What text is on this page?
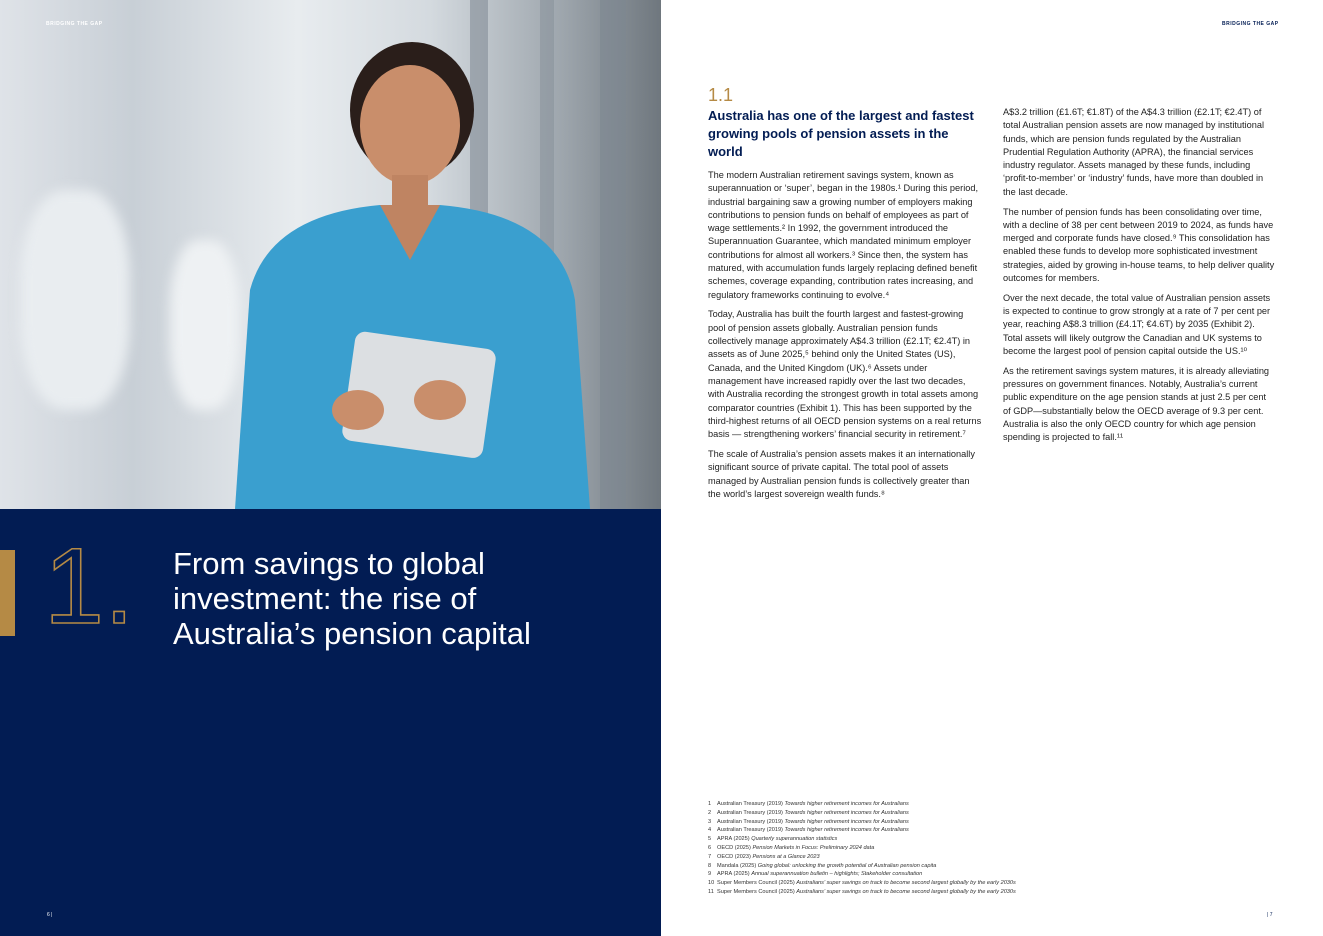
BRIDGING THE GAP
1. From savings to global investment: the rise of Australia’s pension capital
6 |
BRIDGING THE GAP
1.1
Australia has one of the largest and fastest growing pools of pension assets in the world

The modern Australian retirement savings system, known as superannuation or ‘super’, began in the 1980s.¹ During this period, industrial bargaining saw a growing number of employers making contributions to pension funds on behalf of employees as part of wage settlements.² In 1992, the government introduced the Superannuation Guarantee, which mandated minimum employer contributions for almost all workers.³ Since then, the system has matured, with accumulation funds largely replacing defined benefit schemes, coverage expanding, contribution rates increasing, and regulatory frameworks continuing to evolve.⁴

Today, Australia has built the fourth largest and fastest-growing pool of pension assets globally. Australian pension funds collectively manage approximately A$4.3 trillion (£2.1T; €2.4T) in assets as of June 2025,⁵ behind only the United States (US), Canada, and the United Kingdom (UK).⁶ Assets under management have increased rapidly over the last two decades, with Australia recording the strongest growth in total assets among comparator countries (Exhibit 1). This has been supported by the third-highest returns of all OECD pension systems on a real returns basis — strengthening workers’ financial security in retirement.⁷

The scale of Australia’s pension assets makes it an internationally significant source of private capital. The total pool of assets managed by Australian pension funds is collectively greater than the world’s largest sovereign wealth funds.⁸

A$3.2 trillion (£1.6T; €1.8T) of the A$4.3 trillion (£2.1T; €2.4T) of total Australian pension assets are now managed by institutional funds, which are pension funds regulated by the Australian Prudential Regulation Authority (APRA), the financial services industry regulator. Assets managed by these funds, including ‘profit-to-member’ or ‘industry’ funds, have more than doubled in the last decade.

The number of pension funds has been consolidating over time, with a decline of 38 per cent between 2019 to 2024, as funds have merged and corporate funds have closed.⁹ This consolidation has enabled these funds to develop more sophisticated investment strategies, aided by growing in-house teams, to help deliver quality outcomes for members.

Over the next decade, the total value of Australian pension assets is expected to continue to grow strongly at a rate of 7 per cent per year, reaching A$8.3 trillion (£4.1T; €4.6T) by 2035 (Exhibit 2). Total assets will likely outgrow the Canadian and UK systems to become the largest pool of pension capital outside the US.¹⁰

As the retirement savings system matures, it is already alleviating pressures on government finances. Notably, Australia’s current public expenditure on the age pension stands at just 2.5 per cent of GDP—substantially below the OECD average of 9.3 per cent. Australia is also the only OECD country for which age pension spending is projected to fall.¹¹

1 Australian Treasury (2019) Towards higher retirement incomes for Australians
2 Australian Treasury (2019) Towards higher retirement incomes for Australians
3 Australian Treasury (2019) Towards higher retirement incomes for Australians
4 Australian Treasury (2019) Towards higher retirement incomes for Australians
5 APRA (2025) Quarterly superannuation statistics
6 OECD (2025) Pension Markets in Focus: Preliminary 2024 data
7 OECD (2023) Pensions at a Glance 2023
8 Mandala (2025) Going global: unlocking the growth potential of Australian pension capita
9 APRA (2025) Annual superannuation bulletin – highlights; Stakeholder consultation
10 Super Members Council (2025) Australians’ super savings on track to become second largest globally by the early 2030s
11 Super Members Council (2025) Australians’ super savings on track to become second largest globally by the early 2030s
| 7
